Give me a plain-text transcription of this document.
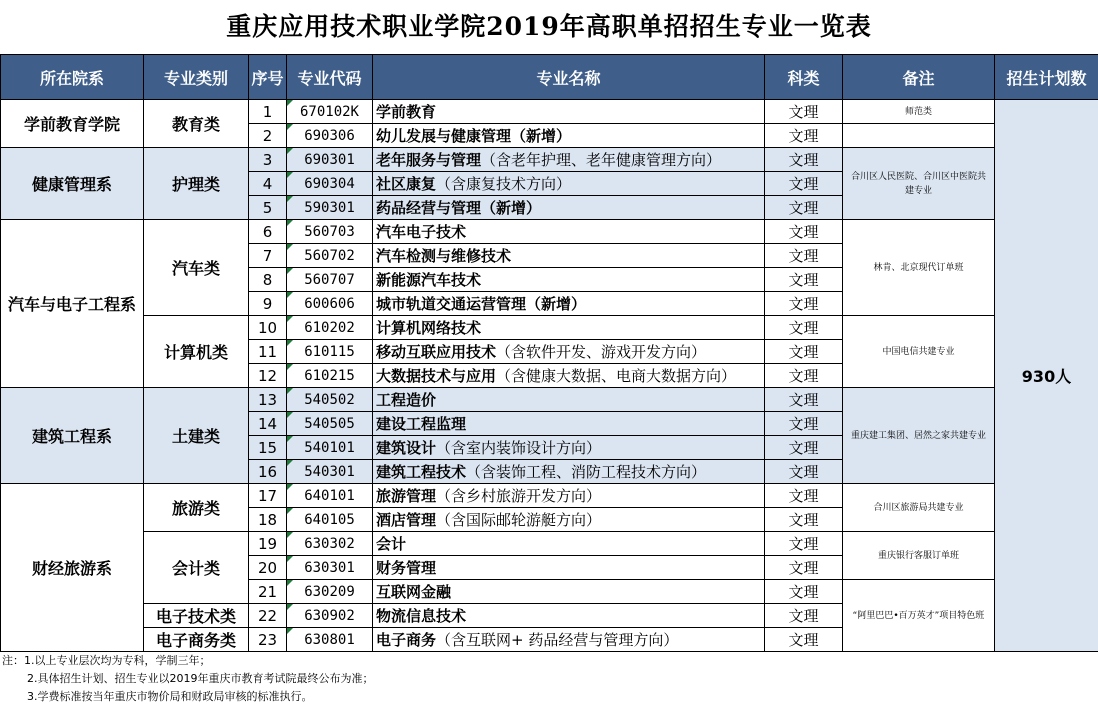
重庆应用技术职业学院2019年高职单招招生专业一览表
所在院系	专业类别	序号	专业代码	专业名称	科类	备注	招生计划数
学前教育学院	教育类	1	670102K	学前教育	文理	师范类	930人
		2	690306	幼儿发展与健康管理（新增）	文理		
健康管理系	护理类	3	690301	老年服务与管理（含老年护理、老年健康管理方向）	文理	合川区人民医院、合川区中医院共建专业	
		4	690304	社区康复（含康复技术方向）	文理		
		5	590301	药品经营与管理（新增）	文理		
汽车与电子工程系	汽车类	6	560703	汽车电子技术	文理	林肯、北京现代订单班	
		7	560702	汽车检测与维修技术	文理		
		8	560707	新能源汽车技术	文理		
		9	600606	城市轨道交通运营管理（新增）	文理		
	计算机类	10	610202	计算机网络技术	文理	中国电信共建专业	
		11	610115	移动互联应用技术（含软件开发、游戏开发方向）	文理		
		12	610215	大数据技术与应用（含健康大数据、电商大数据方向）	文理		
建筑工程系	土建类	13	540502	工程造价	文理	重庆建工集团、居然之家共建专业	
		14	540505	建设工程监理	文理		
		15	540101	建筑设计（含室内装饰设计方向）	文理		
		16	540301	建筑工程技术（含装饰工程、消防工程技术方向）	文理		
财经旅游系	旅游类	17	640101	旅游管理（含乡村旅游开发方向）	文理	合川区旅游局共建专业	
		18	640105	酒店管理（含国际邮轮游艇方向）	文理		
	会计类	19	630302	会计	文理	重庆银行客服订单班	
		20	630301	财务管理	文理		
		21	630209	互联网金融	文理	“阿里巴巴•百万英才”项目特色班	
	电子技术类	22	630902	物流信息技术	文理		
	电子商务类	23	630801	电子商务（含互联网+ 药品经营与管理方向）	文理		
注：1.以上专业层次均为专科，学制三年；
2.具体招生计划、招生专业以2019年重庆市教育考试院最终公布为准；
3.学费标准按当年重庆市物价局和财政局审核的标准执行。
